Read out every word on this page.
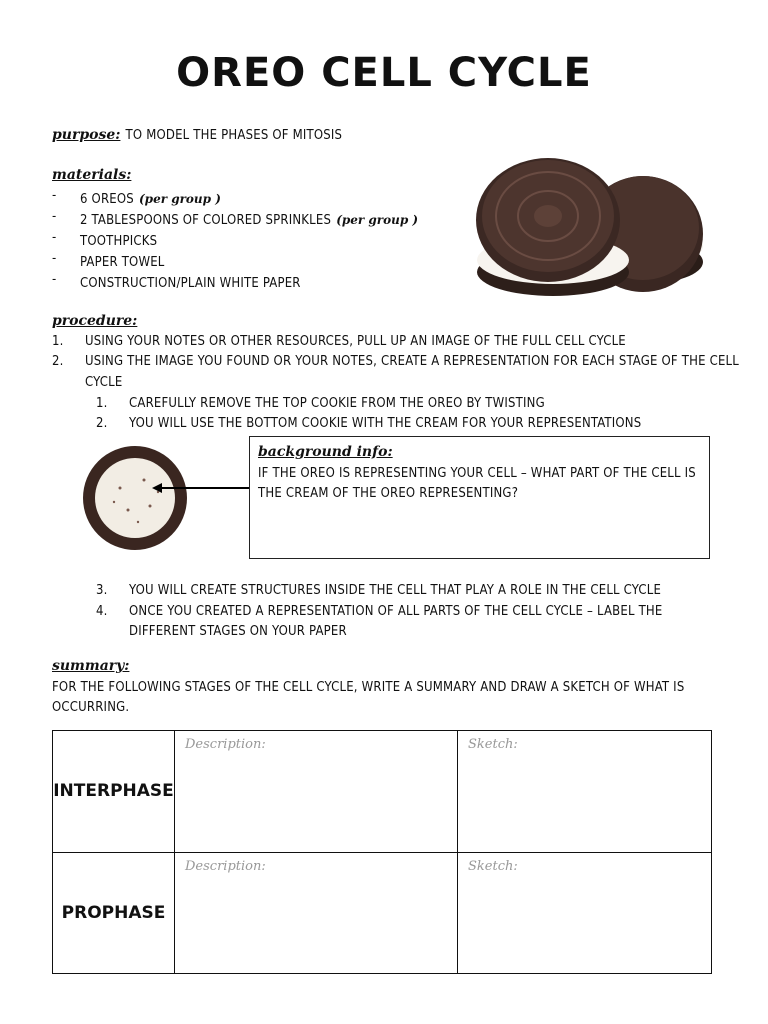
OREO CELL CYCLE
purpose: TO MODEL THE PHASES OF MITOSIS
materials:
- 6 OREOS (per group )
- 2 TABLESPOONS OF COLORED SPRINKLES (per group )
- TOOTHPICKS
- PAPER TOWEL
- CONSTRUCTION/PLAIN WHITE PAPER
procedure:
1. USING YOUR NOTES OR OTHER RESOURCES, PULL UP AN IMAGE OF THE FULL CELL CYCLE
2. USING THE IMAGE YOU FOUND OR YOUR NOTES, CREATE A REPRESENTATION FOR EACH STAGE OF THE CELL
CYCLE
1. CAREFULLY REMOVE THE TOP COOKIE FROM THE OREO BY TWISTING
2. YOU WILL USE THE BOTTOM COOKIE WITH THE CREAM FOR YOUR REPRESENTATIONS
background info:
IF THE OREO IS REPRESENTING YOUR CELL – WHAT PART OF THE CELL IS
THE CREAM OF THE OREO REPRESENTING?
3. YOU WILL CREATE STRUCTURES INSIDE THE CELL THAT PLAY A ROLE IN THE CELL CYCLE
4. ONCE YOU CREATED A REPRESENTATION OF ALL PARTS OF THE CELL CYCLE – LABEL THE
DIFFERENT STAGES ON YOUR PAPER
summary:
FOR THE FOLLOWING STAGES OF THE CELL CYCLE, WRITE A SUMMARY AND DRAW A SKETCH OF WHAT IS
OCCURRING.
INTERPHASE	Description:	Sketch:
PROPHASE	Description:	Sketch:
